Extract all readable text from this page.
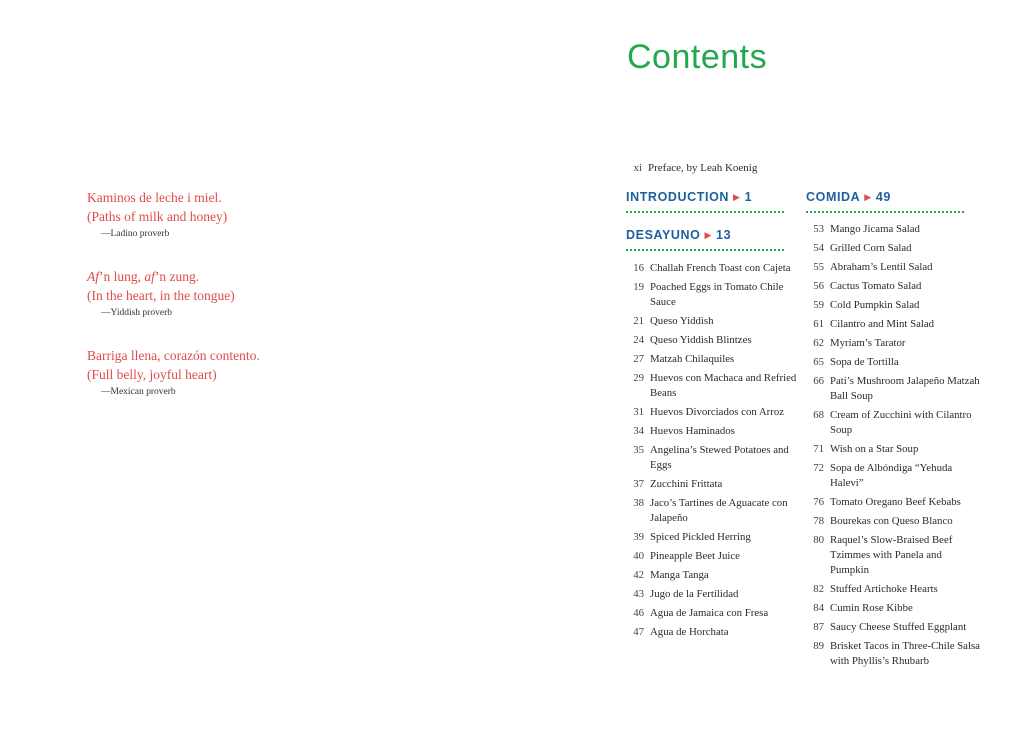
Kaminos de leche i miel.
(Paths of milk and honey)
—Ladino proverb
Af’n lung, af’n zung.
(In the heart, in the tongue)
—Yiddish proverb
Barriga llena, corazón contento.
(Full belly, joyful heart)
—Mexican proverb
Contents
xi Preface, by Leah Koenig
INTRODUCTION ▶ 1
DESAYUNO ▶ 13
16 Challah French Toast con Cajeta
19 Poached Eggs in Tomato Chile Sauce
21 Queso Yiddish
24 Queso Yiddish Blintzes
27 Matzah Chilaquiles
29 Huevos con Machaca and Refried Beans
31 Huevos Divorciados con Arroz
34 Huevos Haminados
35 Angelina’s Stewed Potatoes and Eggs
37 Zucchini Frittata
38 Jaco’s Tartines de Aguacate con Jalapeño
39 Spiced Pickled Herring
40 Pineapple Beet Juice
42 Manga Tanga
43 Jugo de la Fertilidad
46 Agua de Jamaica con Fresa
47 Agua de Horchata
COMIDA ▶ 49
53 Mango Jicama Salad
54 Grilled Corn Salad
55 Abraham’s Lentil Salad
56 Cactus Tomato Salad
59 Cold Pumpkin Salad
61 Cilantro and Mint Salad
62 Myriam’s Tarator
65 Sopa de Tortilla
66 Pati’s Mushroom Jalapeño Matzah Ball Soup
68 Cream of Zucchini with Cilantro Soup
71 Wish on a Star Soup
72 Sopa de Albóndiga “Yehuda Halevi”
76 Tomato Oregano Beef Kebabs
78 Bourekas con Queso Blanco
80 Raquel’s Slow-Braised Beef Tzimmes with Panela and Pumpkin
82 Stuffed Artichoke Hearts
84 Cumin Rose Kibbe
87 Saucy Cheese Stuffed Eggplant
89 Brisket Tacos in Three-Chile Salsa with Phyllis’s Rhubarb
